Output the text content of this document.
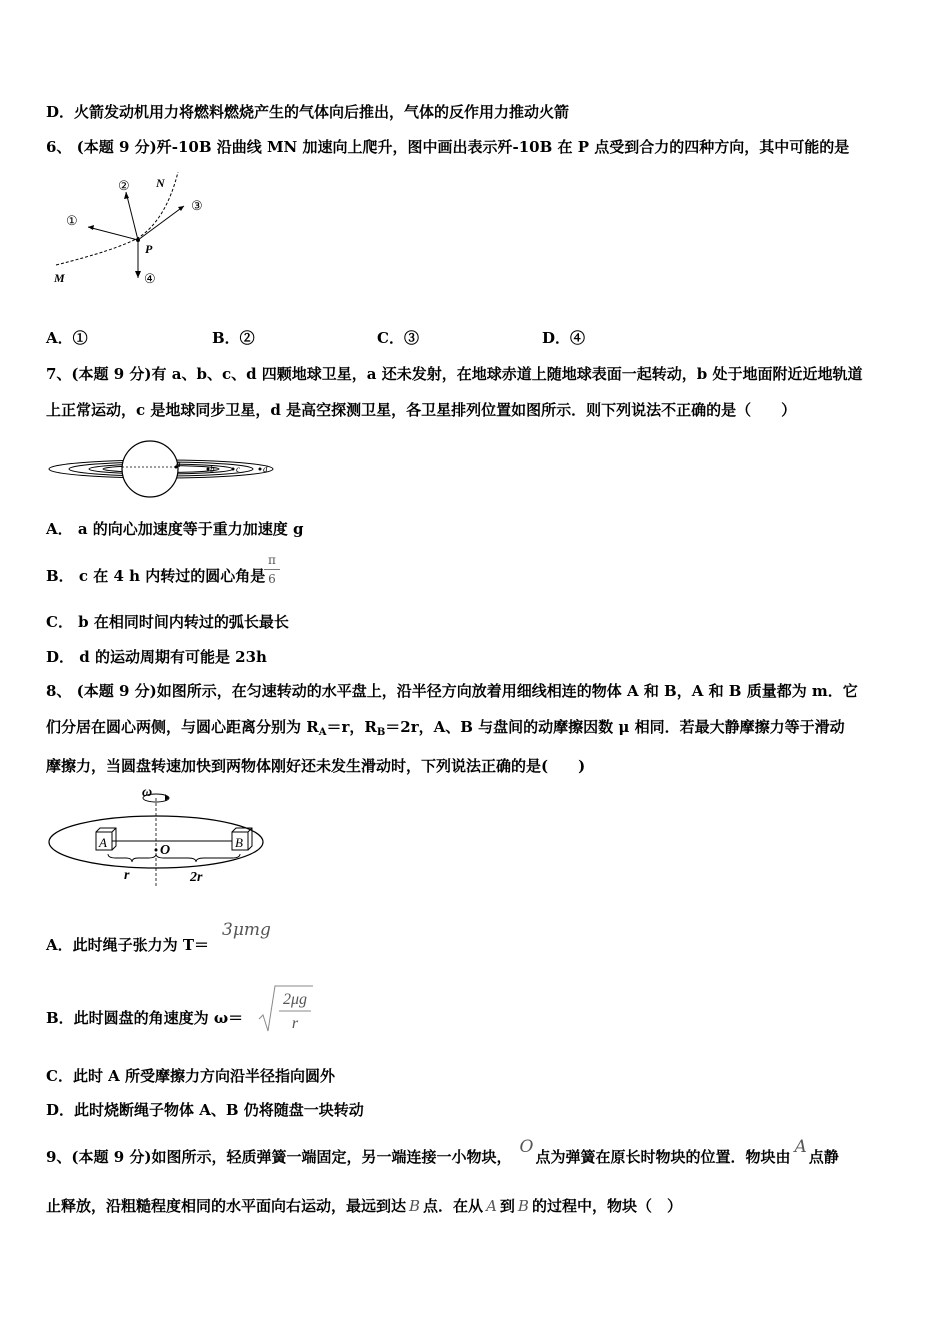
D．火箭发动机用力将燃料燃烧产生的气体向后推出，气体的反作用力推动火箭
6、 (本题 9 分)歼-10B 沿曲线 MN 加速向上爬升，图中画出表示歼-10B 在 P 点受到合力的四种方向，其中可能的是
①
②
③
④
N
P
M
A．①	B．②	C．③	D．④
7、(本题 9 分)有 a、b、c、d 四颗地球卫星，a 还未发射，在地球赤道上随地球表面一起转动，b 处于地面附近近地轨道
上正常运动，c 是地球同步卫星，d 是高空探测卫星，各卫星排列位置如图所示．则下列说法不正确的是（　　）
a	b c	d
A． a 的向心加速度等于重力加速度 g
B． c 在 4 h 内转过的圆心角是
π
6
C． b 在相同时间内转过的弧长最长
D． d 的运动周期有可能是 23h
8、 (本题 9 分)如图所示，在匀速转动的水平盘上，沿半径方向放着用细线相连的物体 A 和 B，A 和 B 质量都为 m．它
们分居在圆心两侧，与圆心距离分别为 $R_A=r$，$R_B=2r$，A、B 与盘间的动摩擦因数 μ 相同．若最大静摩擦力等于滑动
摩擦力，当圆盘转速加快到两物体刚好还未发生滑动时，下列说法正确的是(　　)
ω
A
O
B
r	2r
A．此时绳子张力为 T＝
3μmg
B．此时圆盘的角速度为 ω＝
2μg
r
C．此时 A 所受摩擦力方向沿半径指向圆外
D．此时烧断绳子物体 A、B 仍将随盘一块转动
9、(本题 9 分)如图所示，轻质弹簧一端固定，另一端连接一小物块， O 点为弹簧在原长时物块的位置．物块由 A 点静
止释放，沿粗糙程度相同的水平面向右运动，最远到达 B 点．在从 A 到 B 的过程中，物块（　）
